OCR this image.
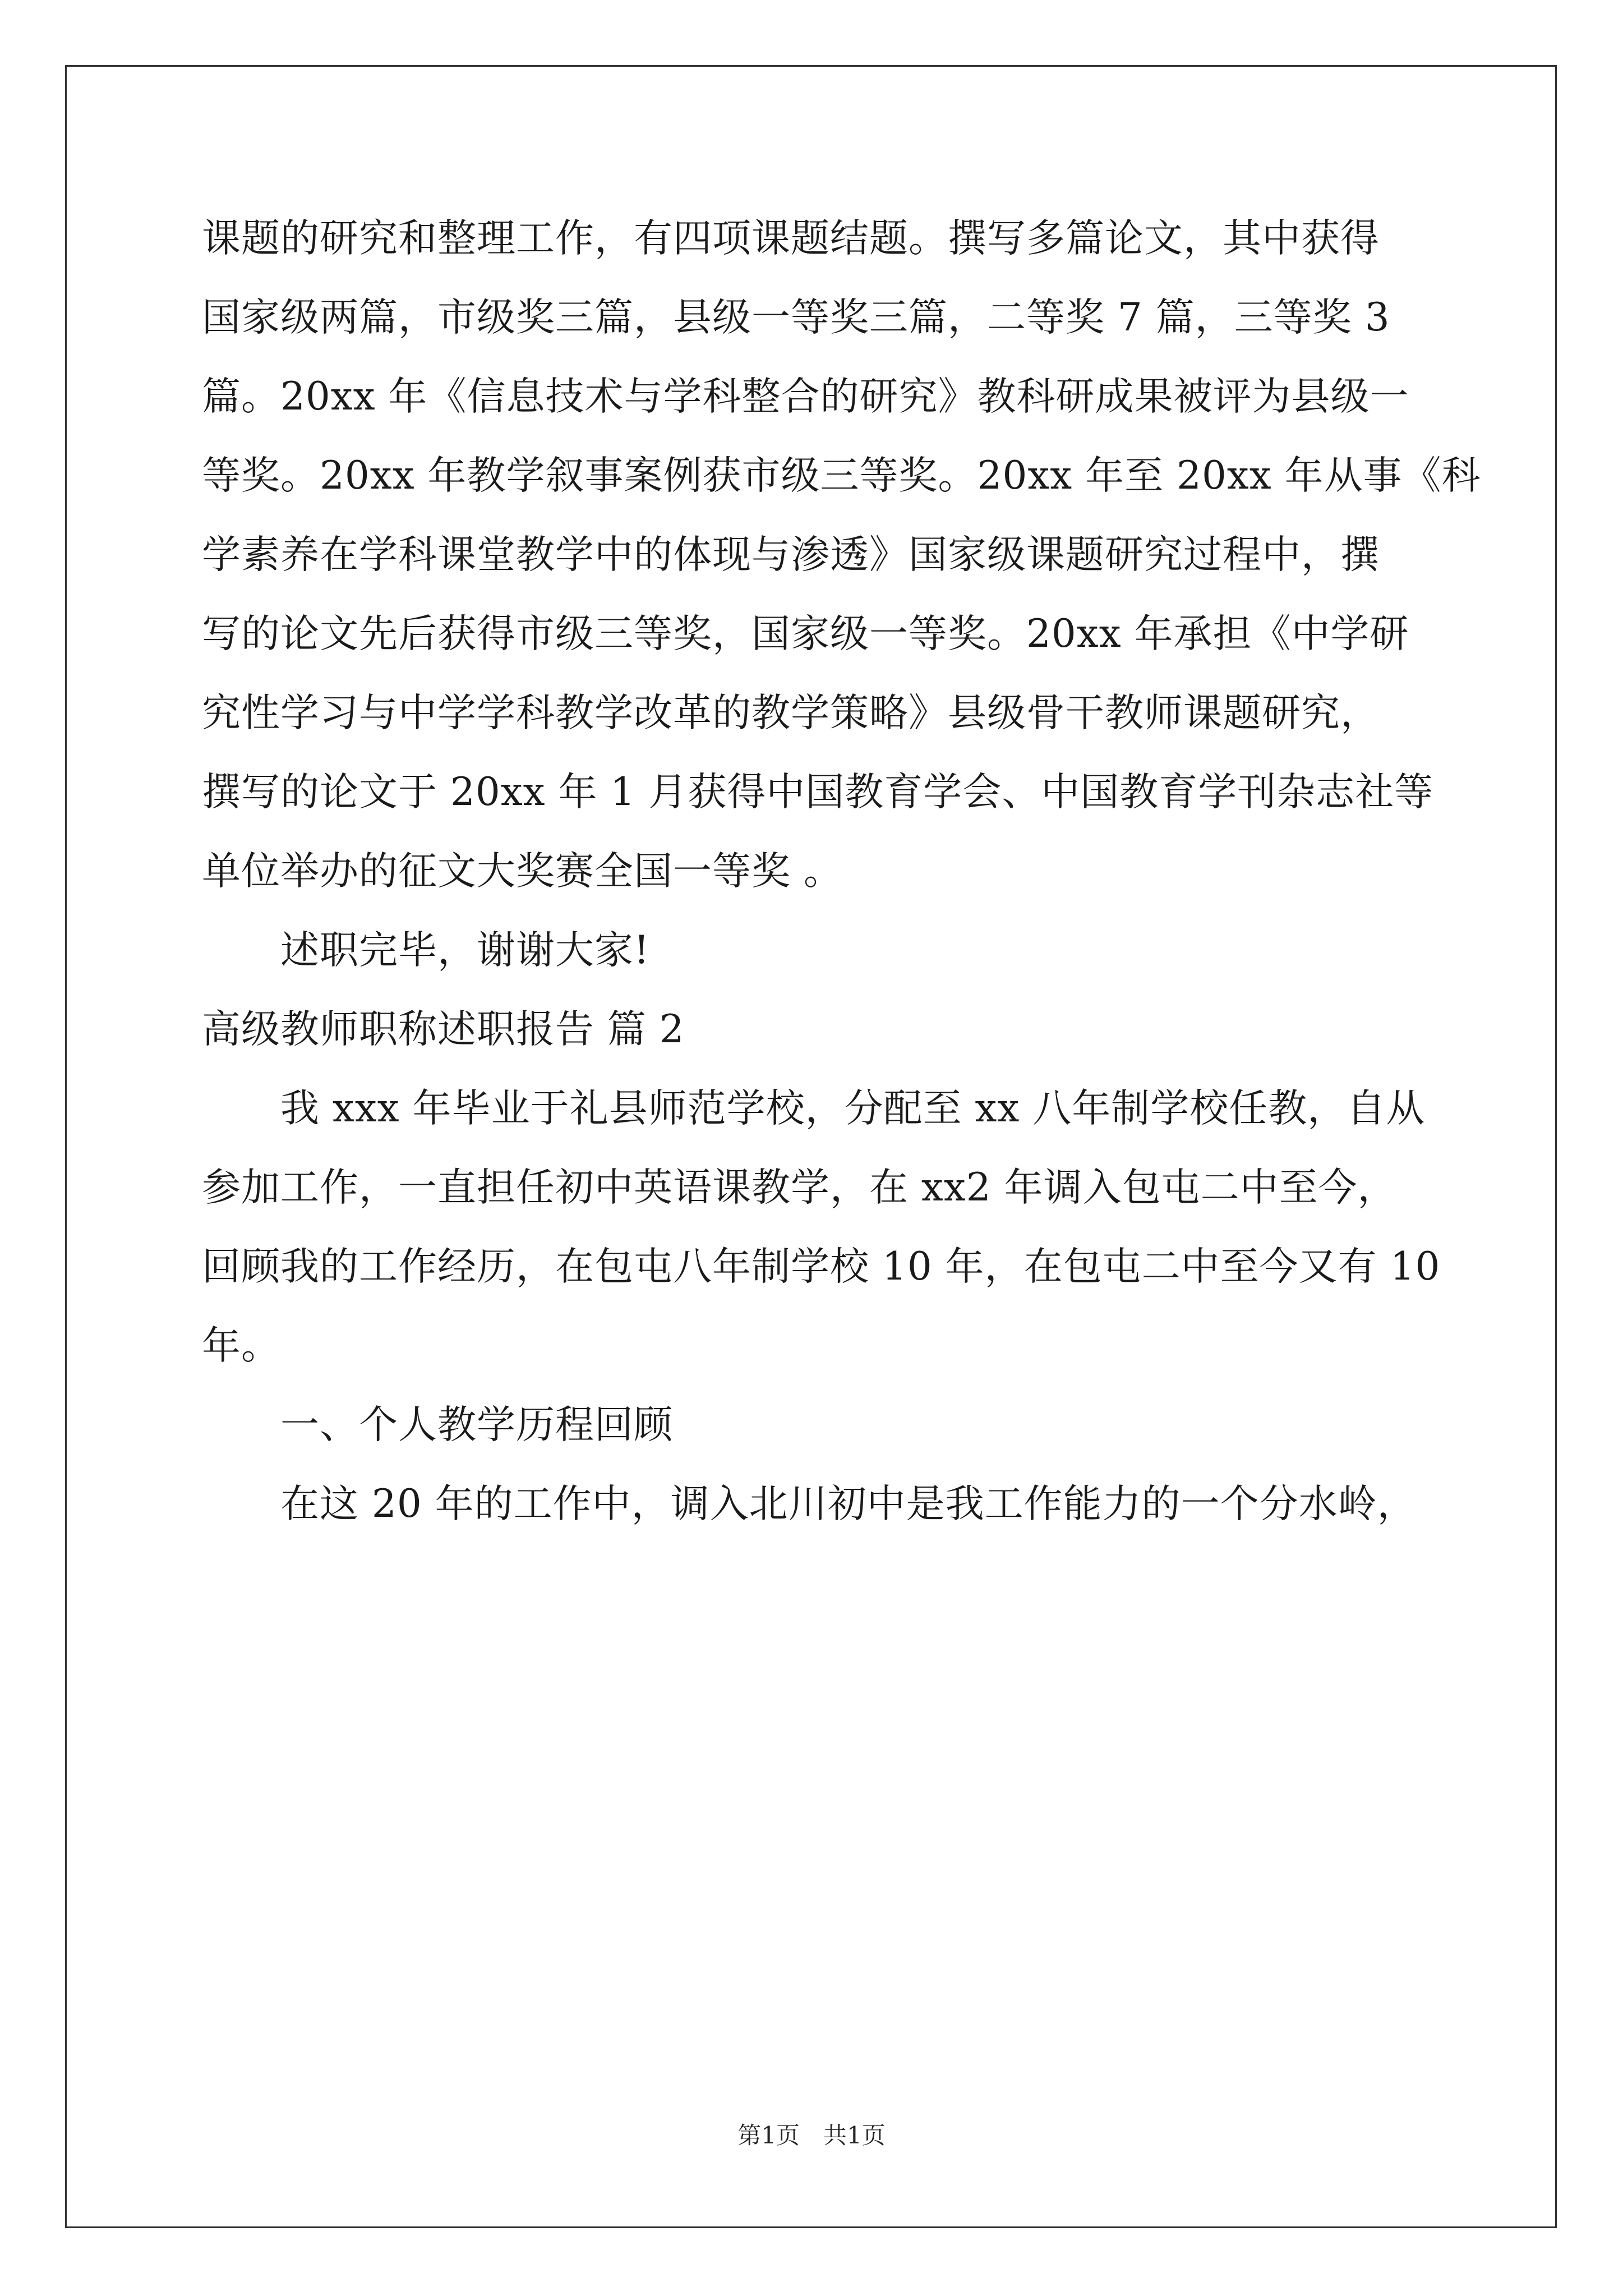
课题的研究和整理工作，有四项课题结题。撰写多篇论文，其中获得
国家级两篇，市级奖三篇，县级一等奖三篇，二等奖 7 篇，三等奖 3
篇。20xx 年《信息技术与学科整合的研究》教科研成果被评为县级一
等奖。20xx 年教学叙事案例获市级三等奖。20xx 年至 20xx 年从事《科
学素养在学科课堂教学中的体现与渗透》国家级课题研究过程中，撰
写的论文先后获得市级三等奖，国家级一等奖。20xx 年承担《中学研
究性学习与中学学科教学改革的教学策略》县级骨干教师课题研究，
撰写的论文于 20xx 年 1 月获得中国教育学会、中国教育学刊杂志社等
单位举办的征文大奖赛全国一等奖 。
述职完毕，谢谢大家!
高级教师职称述职报告 篇 2
我 xxx 年毕业于礼县师范学校，分配至 xx 八年制学校任教，自从
参加工作，一直担任初中英语课教学，在 xx2 年调入包屯二中至今，
回顾我的工作经历，在包屯八年制学校 10 年，在包屯二中至今又有 10
年。
一、个人教学历程回顾
在这 20 年的工作中，调入北川初中是我工作能力的一个分水岭，
第1页　共1页
